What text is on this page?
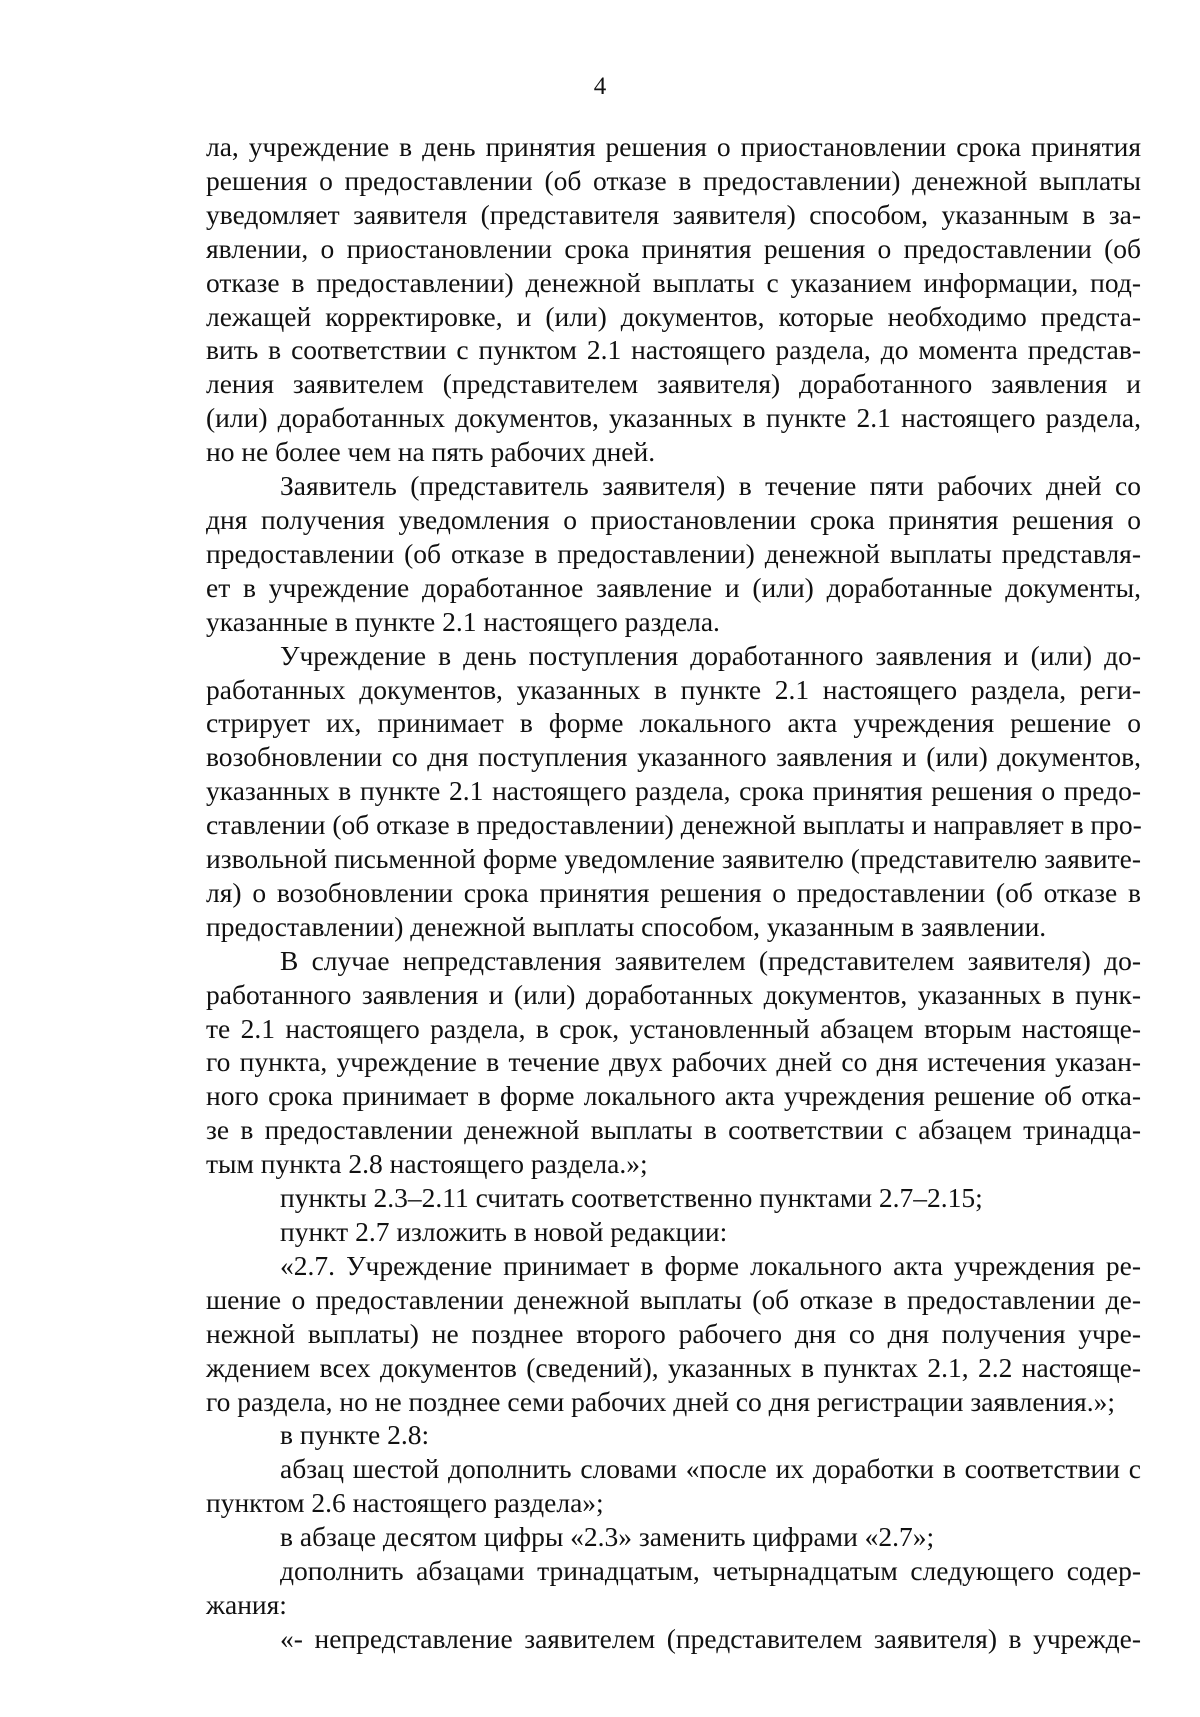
4
ла, учреждение в день принятия решения о приостановлении срока принятия
решения о предоставлении (об отказе в предоставлении) денежной выплаты
уведомляет заявителя (представителя заявителя) способом, указанным в за-
явлении, о приостановлении срока принятия решения о предоставлении (об
отказе в предоставлении) денежной выплаты с указанием информации, под-
лежащей корректировке, и (или) документов, которые необходимо предста-
вить в соответствии с пунктом 2.1 настоящего раздела, до момента представ-
ления заявителем (представителем заявителя) доработанного заявления и
(или) доработанных документов, указанных в пункте 2.1 настоящего раздела,
но не более чем на пять рабочих дней.
Заявитель (представитель заявителя) в течение пяти рабочих дней со
дня получения уведомления о приостановлении срока принятия решения о
предоставлении (об отказе в предоставлении) денежной выплаты представля-
ет в учреждение доработанное заявление и (или) доработанные документы,
указанные в пункте 2.1 настоящего раздела.
Учреждение в день поступления доработанного заявления и (или) до-
работанных документов, указанных в пункте 2.1 настоящего раздела, реги-
стрирует их, принимает в форме локального акта учреждения решение о
возобновлении со дня поступления указанного заявления и (или) документов,
указанных в пункте 2.1 настоящего раздела, срока принятия решения о предо-
ставлении (об отказе в предоставлении) денежной выплаты и направляет в про-
извольной письменной форме уведомление заявителю (представителю заявите-
ля) о возобновлении срока принятия решения о предоставлении (об отказе в
предоставлении) денежной выплаты способом, указанным в заявлении.
В случае непредставления заявителем (представителем заявителя) до-
работанного заявления и (или) доработанных документов, указанных в пунк-
те 2.1 настоящего раздела, в срок, установленный абзацем вторым настояще-
го пункта, учреждение в течение двух рабочих дней со дня истечения указан-
ного срока принимает в форме локального акта учреждения решение об отка-
зе в предоставлении денежной выплаты в соответствии с абзацем тринадца-
тым пункта 2.8 настоящего раздела.»;
пункты 2.3–2.11 считать соответственно пунктами 2.7–2.15;
пункт 2.7 изложить в новой редакции:
«2.7. Учреждение принимает в форме локального акта учреждения ре-
шение о предоставлении денежной выплаты (об отказе в предоставлении де-
нежной выплаты) не позднее второго рабочего дня со дня получения учре-
ждением всех документов (сведений), указанных в пунктах 2.1, 2.2 настояще-
го раздела, но не позднее семи рабочих дней со дня регистрации заявления.»;
в пункте 2.8:
абзац шестой дополнить словами «после их доработки в соответствии с
пунктом 2.6 настоящего раздела»;
в абзаце десятом цифры «2.3» заменить цифрами «2.7»;
дополнить абзацами тринадцатым, четырнадцатым следующего содер-
жания:
«- непредставление заявителем (представителем заявителя) в учрежде-
